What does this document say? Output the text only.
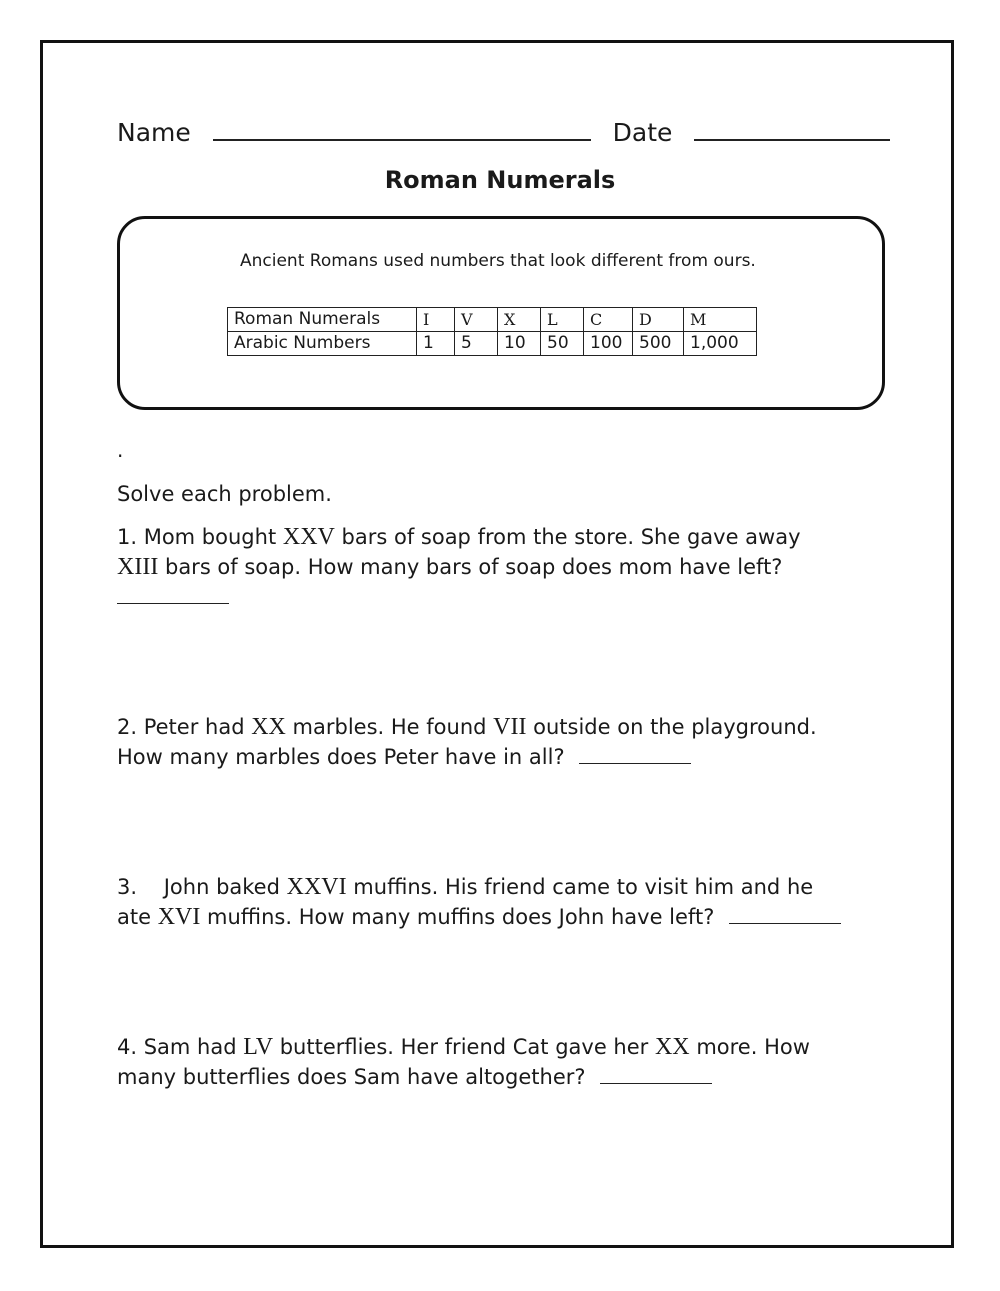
Name	Date
Roman Numerals
Ancient Romans used numbers that look different from ours.
Roman Numerals	I	V	X	L	C	D	M
Arabic Numbers	1	5	10	50	100	500	1,000
.
Solve each problem.
1. Mom bought XXV bars of soap from the store. She gave away
XIII bars of soap. How many bars of soap does mom have left?
2. Peter had XX marbles. He found VII outside on the playground.
How many marbles does Peter have in all?
3.    John baked XXVI muffins. His friend came to visit him and he
ate XVI muffins. How many muffins does John have left?
4. Sam had LV butterflies. Her friend Cat gave her XX more. How
many butterflies does Sam have altogether?
